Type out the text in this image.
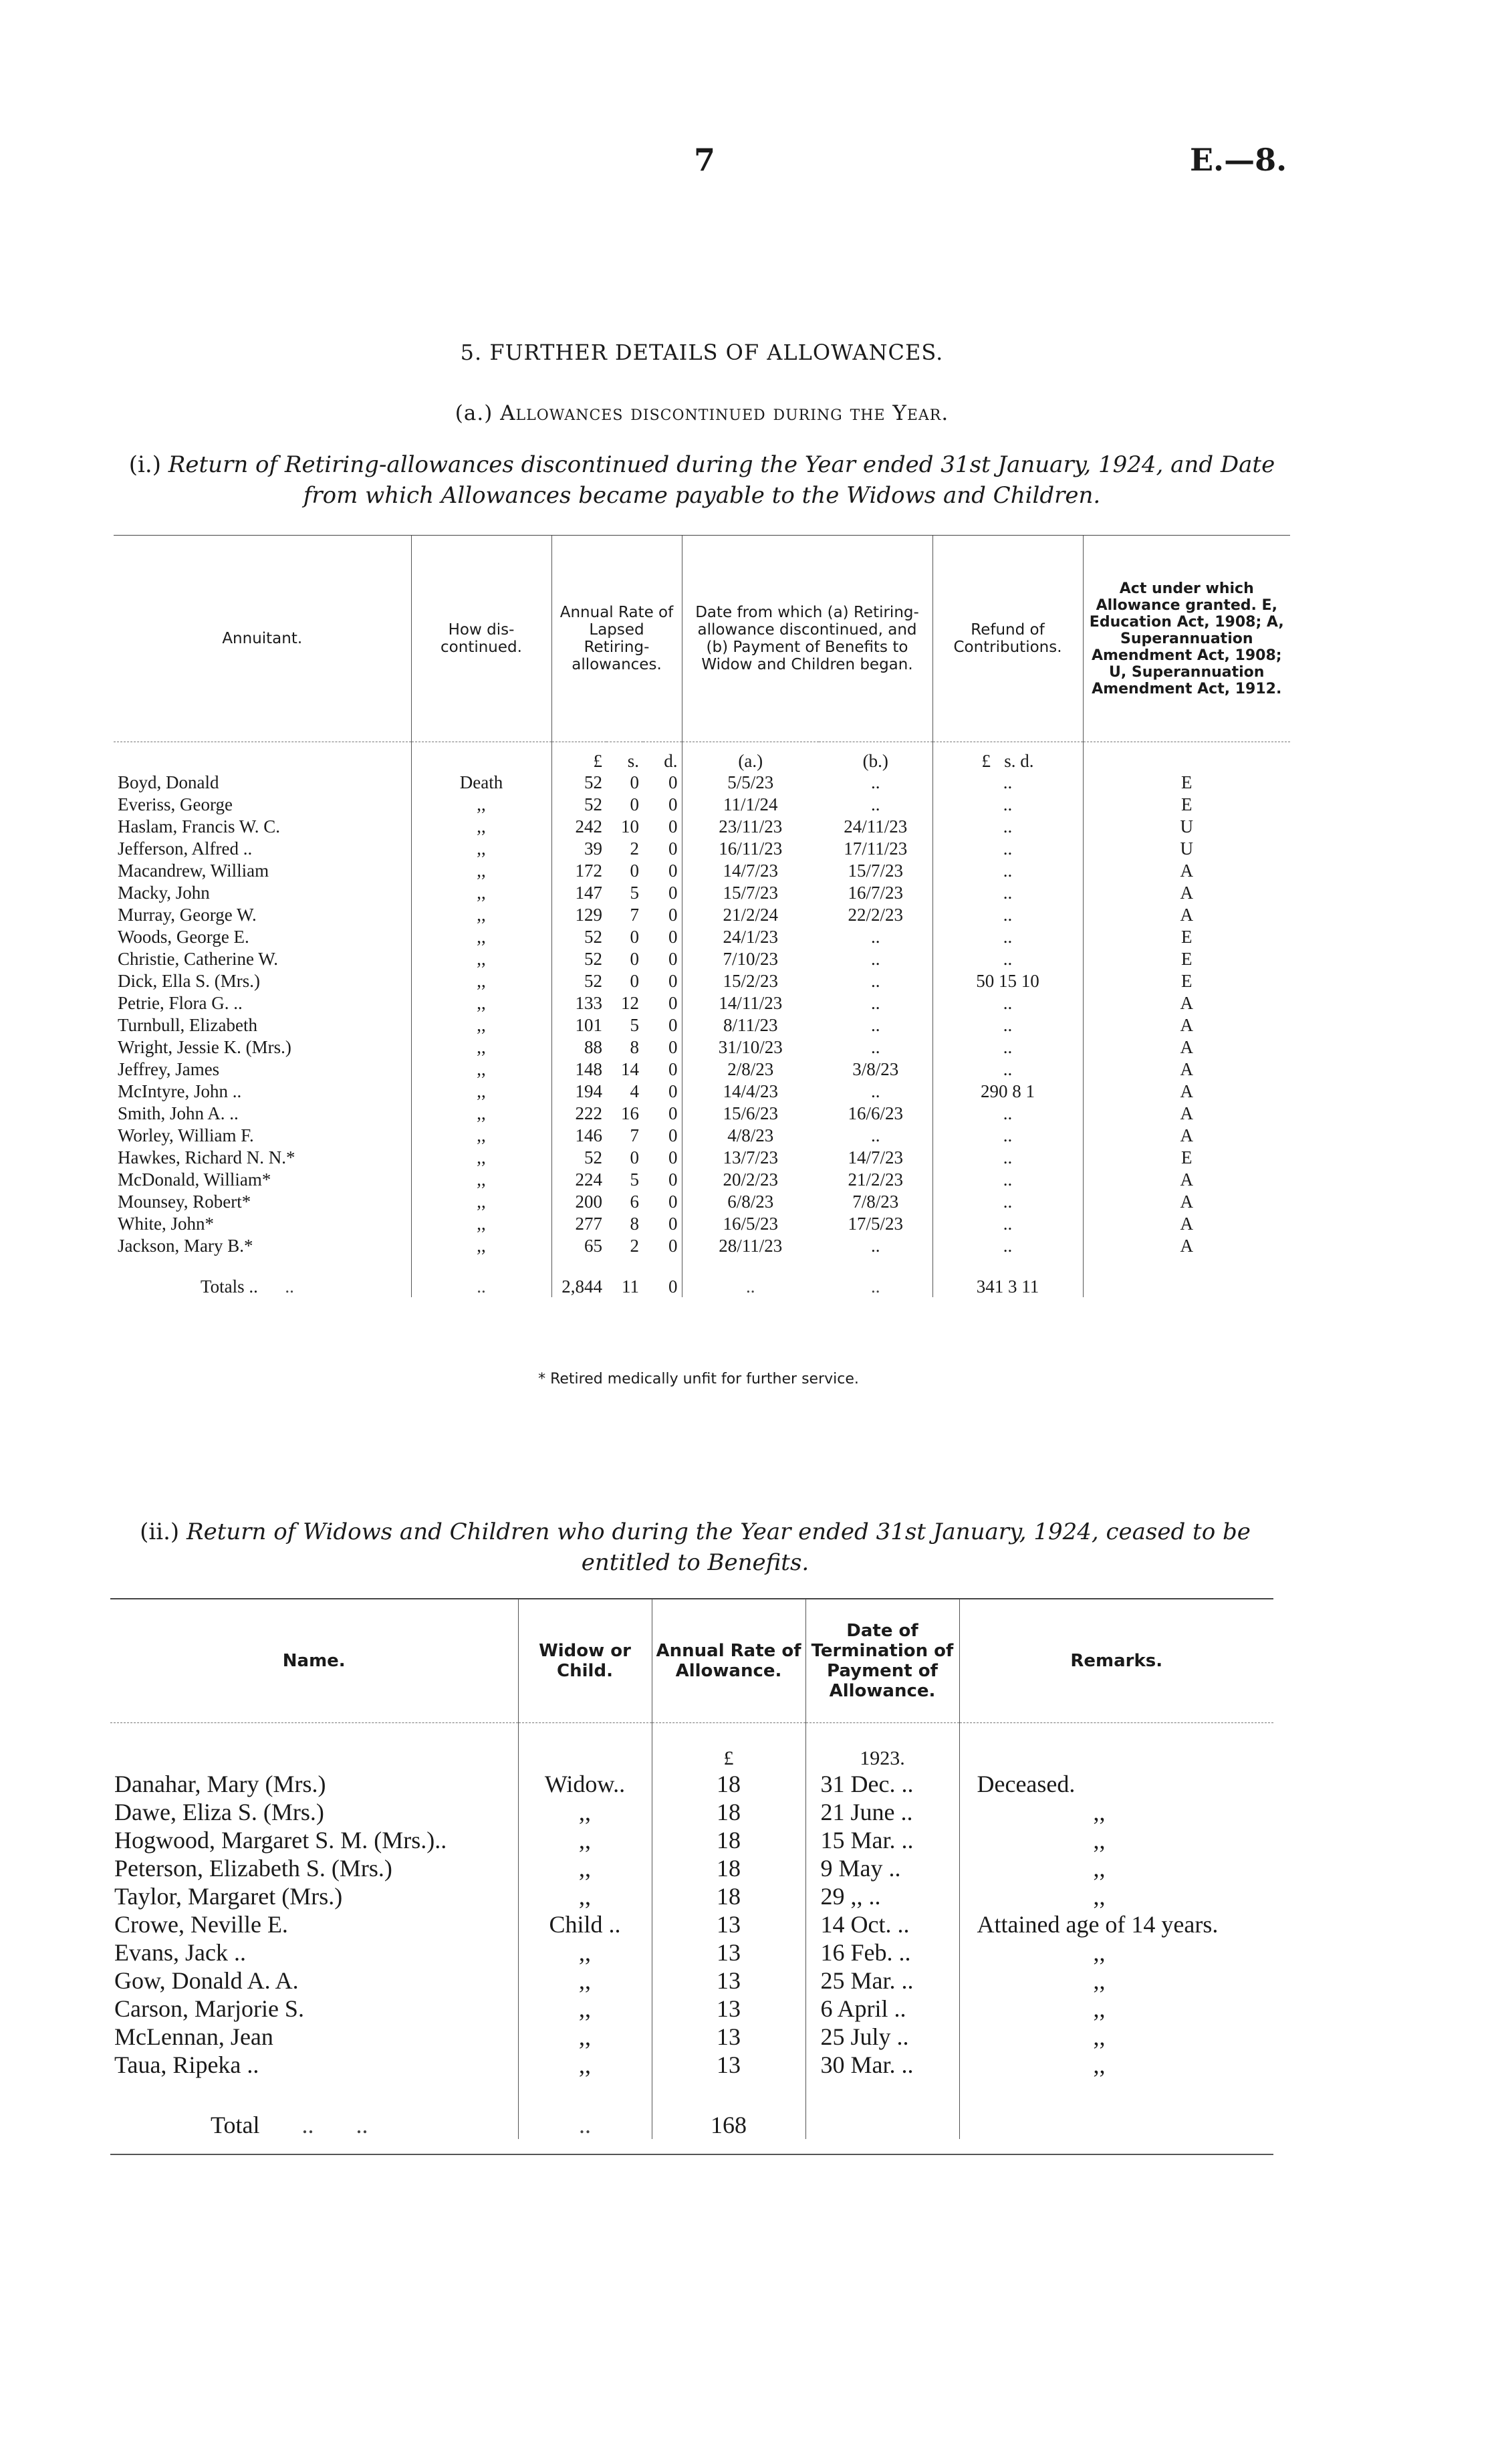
7	E.—8.
5. FURTHER DETAILS OF ALLOWANCES.
(a.) Allowances discontinued during the Year.
(i.) Return of Retiring-allowances discontinued during the Year ended 31st January, 1924, and Date from which Allowances became payable to the Widows and Children.
Annuitant.	How dis-continued.	Annual Rate of Lapsed Retiring-allowances.			Date from which (a) Retiring-allowance discontinued, and (b) Payment of Benefits to Widow and Children began.		Refund of Contributions.	Act under which Allowance granted. E, Education Act, 1908; A, Superannuation Amendment Act, 1908; U, Superannuation Amendment Act, 1912.
		£	s.	d.	(a.)	(b.)	£ s. d.	
Boyd, Donald	Death	52	0	0	5/5/23	..	..	E
Everiss, George	,,	52	0	0	11/1/24	..	..	E
Haslam, Francis W. C.	,,	242	10	0	23/11/23	24/11/23	..	U
Jefferson, Alfred ..	,,	39	2	0	16/11/23	17/11/23	..	U
Macandrew, William	,,	172	0	0	14/7/23	15/7/23	..	A
Macky, John	,,	147	5	0	15/7/23	16/7/23	..	A
Murray, George W.	,,	129	7	0	21/2/24	22/2/23	..	A
Woods, George E.	,,	52	0	0	24/1/23	..	..	E
Christie, Catherine W.	,,	52	0	0	7/10/23	..	..	E
Dick, Ella S. (Mrs.)	,,	52	0	0	15/2/23	..	50 15 10	E
Petrie, Flora G. ..	,,	133	12	0	14/11/23	..	..	A
Turnbull, Elizabeth	,,	101	5	0	8/11/23	..	..	A
Wright, Jessie K. (Mrs.)	,,	88	8	0	31/10/23	..	..	A
Jeffrey, James	,,	148	14	0	2/8/23	3/8/23	..	A
McIntyre, John ..	,,	194	4	0	14/4/23	..	290 8 1	A
Smith, John A. ..	,,	222	16	0	15/6/23	16/6/23	..	A
Worley, William F.	,,	146	7	0	4/8/23	..	..	A
Hawkes, Richard N. N.*	,,	52	0	0	13/7/23	14/7/23	..	E
McDonald, William*	,,	224	5	0	20/2/23	21/2/23	..	A
Mounsey, Robert*	,,	200	6	0	6/8/23	7/8/23	..	A
White, John*	,,	277	8	0	16/5/23	17/5/23	..	A
Jackson, Mary B.*	,,	65	2	0	28/11/23	..	..	A
Totals ..      ..	..	2,844	11	0	..	..	341 3 11	

* Retired medically unfit for further service.
(ii.) Return of Widows and Children who during the Year ended 31st January, 1924, ceased to be entitled to Benefits.
Name.	Widow or Child.	Annual Rate of Allowance.	Date of Termination of Payment of Allowance.	Remarks.
		£	1923.	
Danahar, Mary (Mrs.)	Widow..	18	31 Dec. ..	Deceased.
Dawe, Eliza S. (Mrs.)	,,	18	21 June ..	,,
Hogwood, Margaret S. M. (Mrs.)..	,,	18	15 Mar. ..	,,
Peterson, Elizabeth S. (Mrs.)	,,	18	9 May ..	,,
Taylor, Margaret (Mrs.)	,,	18	29 ,, ..	,,
Crowe, Neville E.	Child ..	13	14 Oct. ..	Attained age of 14 years.
Evans, Jack ..	,,	13	16 Feb. ..	,,
Gow, Donald A. A.	,,	13	25 Mar. ..	,,
Carson, Marjorie S.	,,	13	6 April ..	,,
McLennan, Jean	,,	13	25 July ..	,,
Taua, Ripeka ..	,,	13	30 Mar. ..	,,
Total       ..       ..	..	168		
